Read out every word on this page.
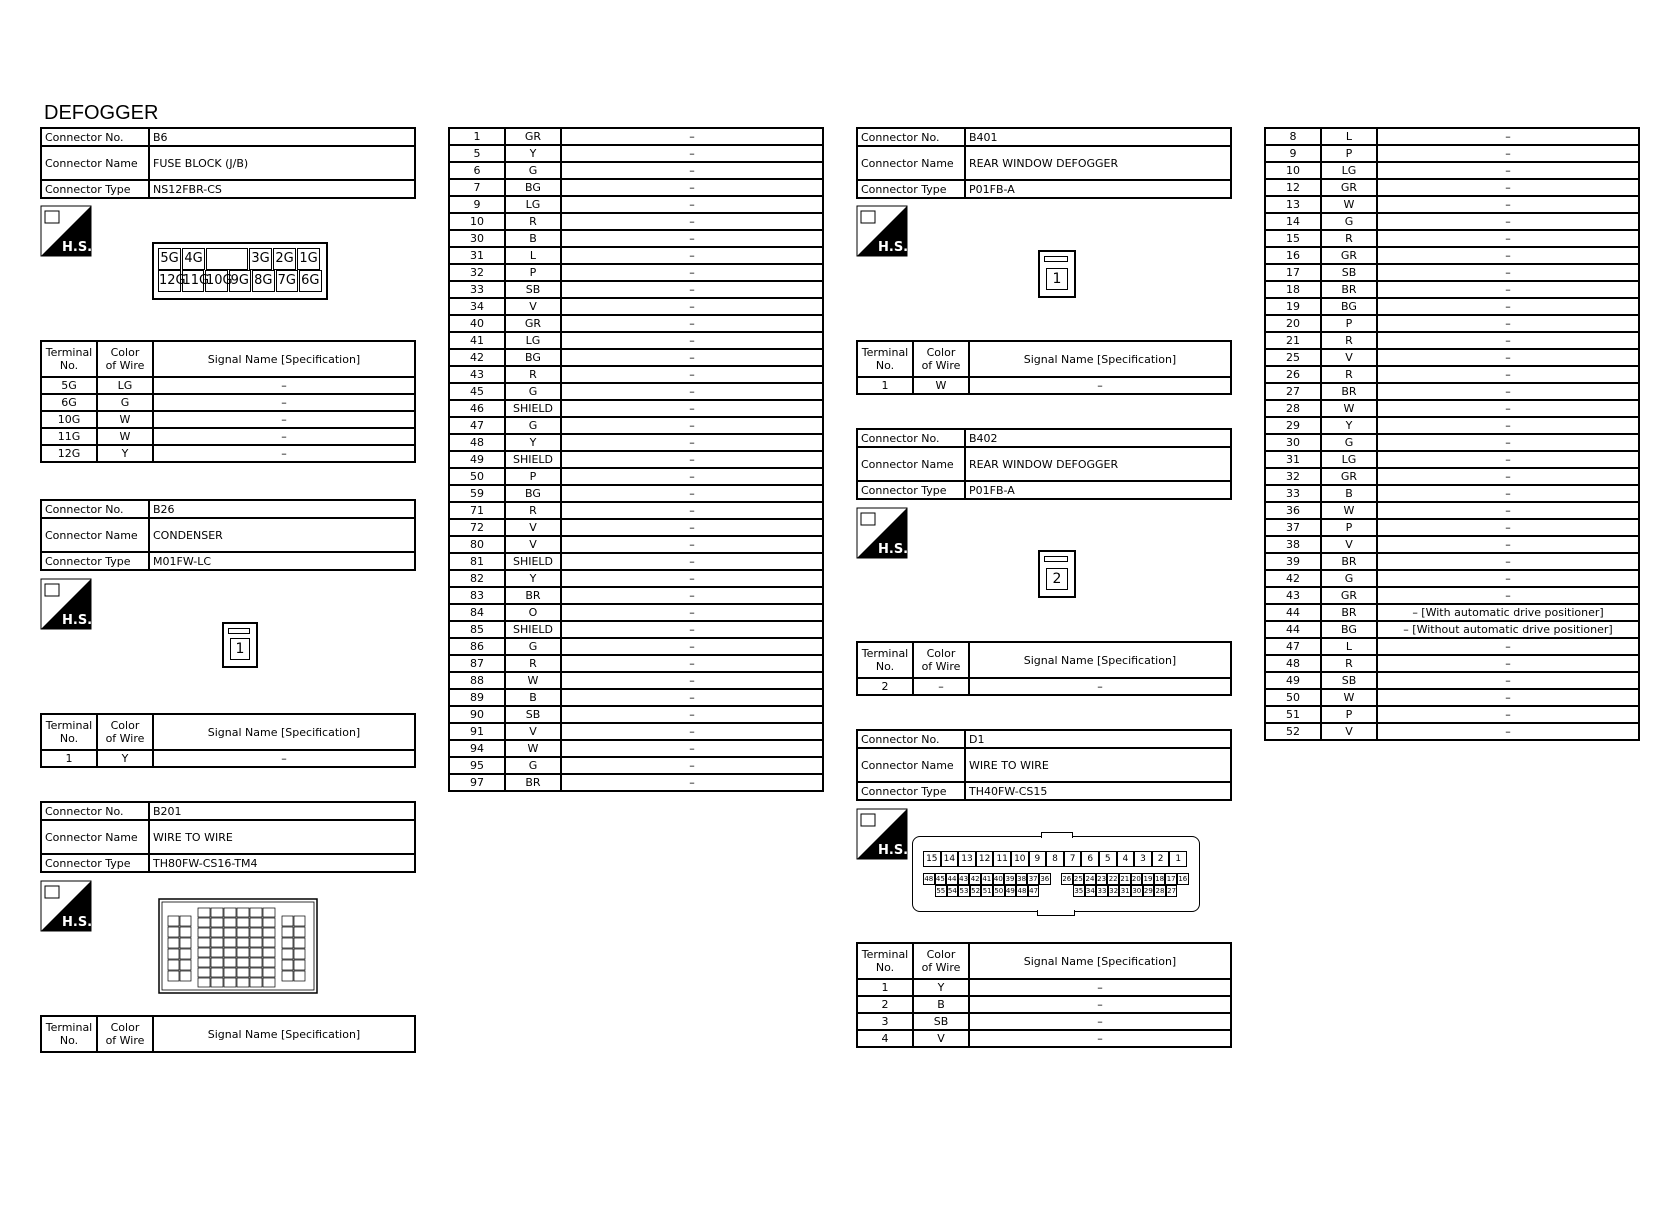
DEFOGGER
Connector No.	B6
Connector Name	FUSE BLOCK (J/B)
Connector Type	NS12FBR-CS
H.S.
5G 4G	3G 2G 1G
12G
11G
10G
9G 8G 7G 6G
Terminal
No.	Color
of Wire	Signal Name [Specification]
5G	LG	–
6G	G	–
10G	W	–
11G	W	–
12G	Y	–
Connector No.	B26
Connector Name	CONDENSER
Connector Type	M01FW-LC
H.S.
1
Terminal
No.	Color
of Wire	Signal Name [Specification]
1	Y	–
Connector No.	B201
Connector Name	WIRE TO WIRE
Connector Type	TH80FW-CS16-TM4
H.S.
Terminal
No.	Color
of Wire	Signal Name [Specification]
1	GR	–
5	Y	–
6	G	–
7	BG	–
9	LG	–
10	R	–
30	B	–
31	L	–
32	P	–
33	SB	–
34	V	–
40	GR	–
41	LG	–
42	BG	–
43	R	–
45	G	–
46	SHIELD	–
47	G	–
48	Y	–
49	SHIELD	–
50	P	–
59	BG	–
71	R	–
72	V	–
80	V	–
81	SHIELD	–
82	Y	–
83	BR	–
84	O	–
85	SHIELD	–
86	G	–
87	R	–
88	W	–
89	B	–
90	SB	–
91	V	–
94	W	–
95	G	–
97	BR	–
Connector No.	B401
Connector Name	REAR WINDOW DEFOGGER
Connector Type	P01FB-A
H.S.
1
Terminal
No.	Color
of Wire	Signal Name [Specification]
1	W	–
Connector No.	B402
Connector Name	REAR WINDOW DEFOGGER
Connector Type	P01FB-A
H.S.
2
Terminal
No.	Color
of Wire	Signal Name [Specification]
2	–	–
Connector No.	D1
Connector Name	WIRE TO WIRE
Connector Type	TH40FW-CS15
H.S.
15 14 13 12 11 10	9	8	7	6	5	4	3	2	1
48 45 44 43 42 41 40 39 38 37 36 26 25 24 23 22 21 20 19 18 17 16
55 54 53 52 51 50 49 48 47	35 34 33 32 31 30 29 28 27
Terminal
No.	Color
of Wire	Signal Name [Specification]
1	Y	–
2	B	–
3	SB	–
4	V	–
8	L	–
9	P	–
10	LG	–
12	GR	–
13	W	–
14	G	–
15	R	–
16	GR	–
17	SB	–
18	BR	–
19	BG	–
20	P	–
21	R	–
25	V	–
26	R	–
27	BR	–
28	W	–
29	Y	–
30	G	–
31	LG	–
32	GR	–
33	B	–
36	W	–
37	P	–
38	V	–
39	BR	–
42	G	–
43	GR	–
44	BR	– [With automatic drive positioner]
44	BG	– [Without automatic drive positioner]
47	L	–
48	R	–
49	SB	–
50	W	–
51	P	–
52	V	–
